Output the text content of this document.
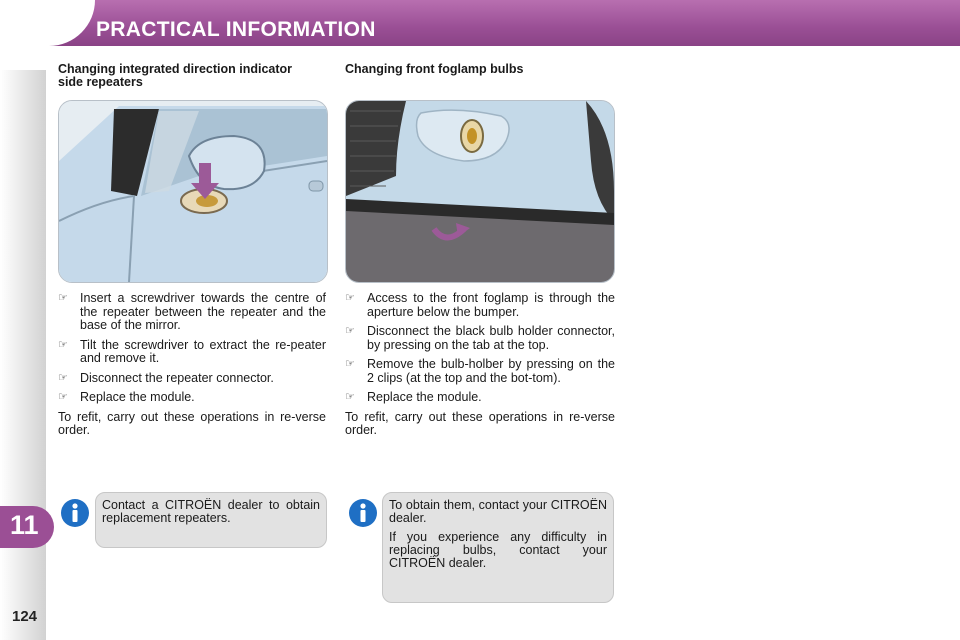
PRACTICAL INFORMATION
11
124
Changing integrated direction indicator side repeaters
☞ Insert a screwdriver towards the centre of the repeater between the repeater and the base of the mirror.
☞ Tilt the screwdriver to extract the re-peater and remove it.
☞ Disconnect the repeater connector.
☞ Replace the module.

To refit, carry out these operations in re-verse order.

Contact a CITROËN dealer to obtain replacement repeaters.

Changing front foglamp bulbs
☞ Access to the front foglamp is through the aperture below the bumper.
☞ Disconnect the black bulb holder connector, by pressing on the tab at the top.
☞ Remove the bulb-holber by pressing on the 2 clips (at the top and the bot-tom).
☞ Replace the module.

To refit, carry out these operations in re-verse order.

To obtain them, contact your CITROËN dealer.

If you experience any difficulty in replacing bulbs, contact your CITROËN dealer.
